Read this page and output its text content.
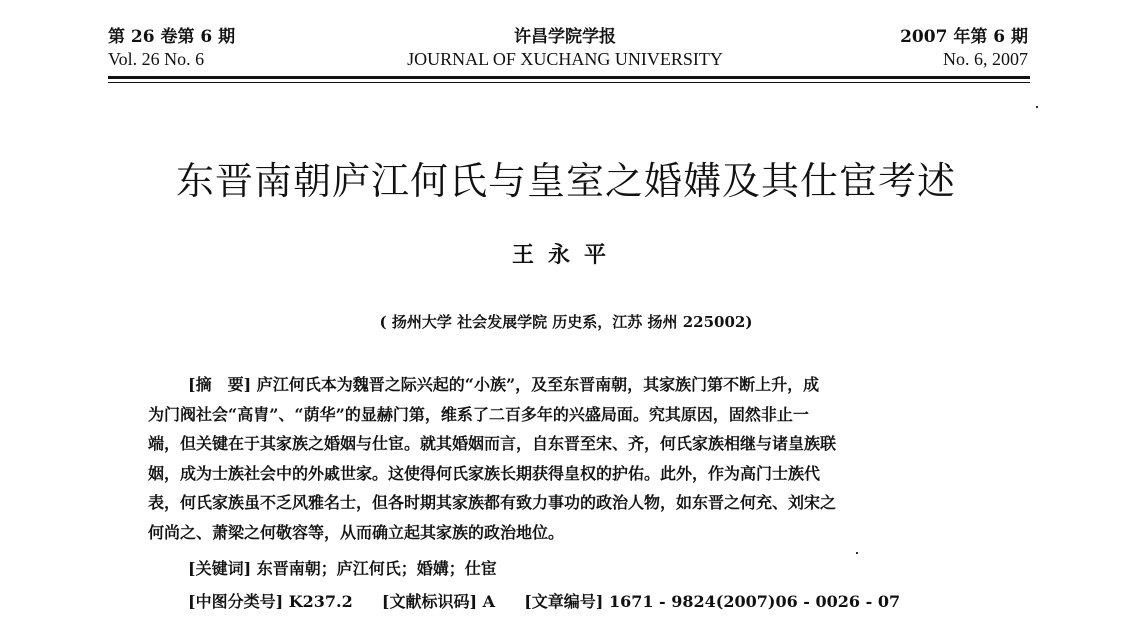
第 26 卷第 6 期
Vol. 26 No. 6
许昌学院学报
JOURNAL OF XUCHANG UNIVERSITY
2007 年第 6 期
No. 6, 2007
东晋南朝庐江何氏与皇室之婚媾及其仕宦考述
王永平
( 扬州大学 社会发展学院 历史系，江苏 扬州 225002)
[摘　要] 庐江何氏本为魏晋之际兴起的“小族”，及至东晋南朝，其家族门第不断上升，成
为门阀社会“高胄”、“荫华”的显赫门第，维系了二百多年的兴盛局面。究其原因，固然非止一
端，但关键在于其家族之婚姻与仕宦。就其婚姻而言，自东晋至宋、齐，何氏家族相继与诸皇族联
姻，成为士族社会中的外戚世家。这使得何氏家族长期获得皇权的护佑。此外，作为高门士族代
表，何氏家族虽不乏风雅名士，但各时期其家族都有致力事功的政治人物，如东晋之何充、刘宋之
何尚之、萧梁之何敬容等，从而确立起其家族的政治地位。
[关键词] 东晋南朝；庐江何氏；婚媾；仕宦
[中图分类号] K237.2 [文献标识码] A [文章编号] 1671 - 9824(2007)06 - 0026 - 07
